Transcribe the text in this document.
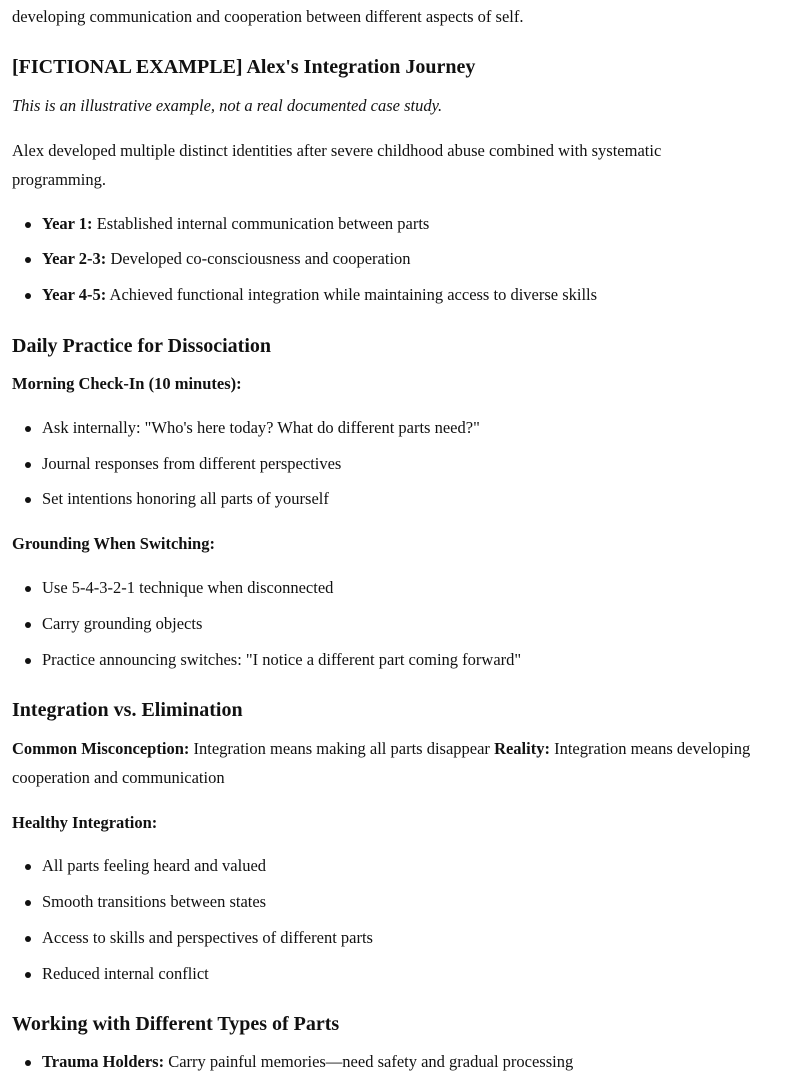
developing communication and cooperation between different aspects of self.

[FICTIONAL EXAMPLE] Alex's Integration Journey

This is an illustrative example, not a real documented case study.

Alex developed multiple distinct identities after severe childhood abuse combined with systematic

programming.

Year 1: Established internal communication between parts
Year 2-3: Developed co-consciousness and cooperation
Year 4-5: Achieved functional integration while maintaining access to diverse skills
Daily Practice for Dissociation
Morning Check-In (10 minutes):
Ask internally: "Who's here today? What do different parts need?"
Journal responses from different perspectives
Set intentions honoring all parts of yourself
Grounding When Switching:
Use 5-4-3-2-1 technique when disconnected
Carry grounding objects
Practice announcing switches: "I notice a different part coming forward"
Integration vs. Elimination

Common Misconception: Integration means making all parts disappear Reality: Integration means developing

cooperation and communication

Healthy Integration:
All parts feeling heard and valued
Smooth transitions between states
Access to skills and perspectives of different parts
Reduced internal conflict
Working with Different Types of Parts
Trauma Holders: Carry painful memories—need safety and gradual processing
